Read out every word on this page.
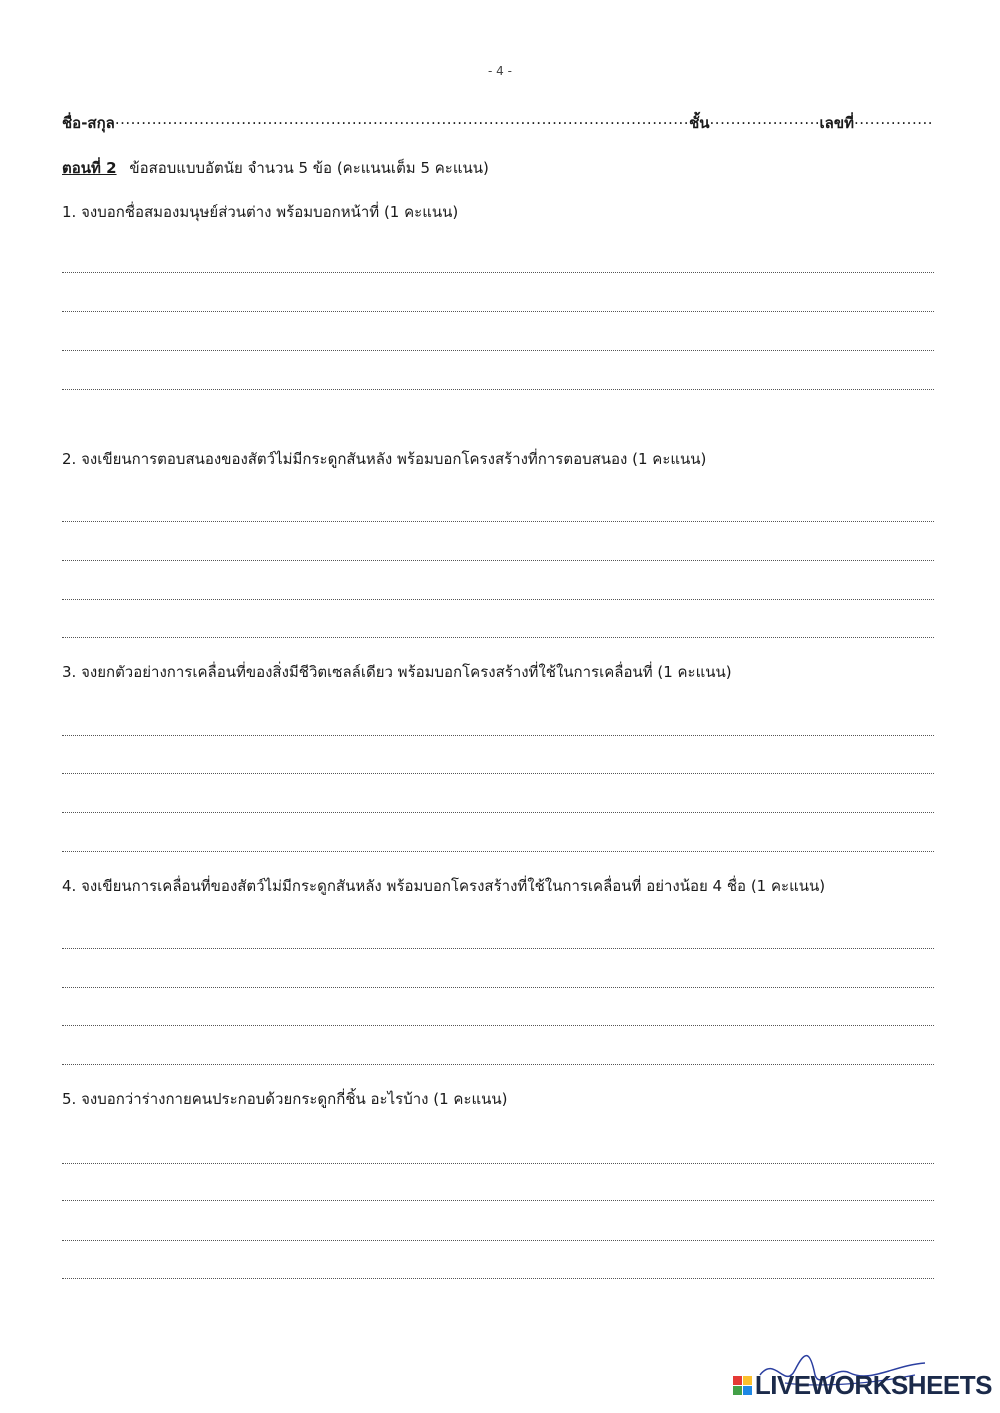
- 4 -
ชื่อ-สกุล .....	ชั้น .....	เลขที่
.....
ตอนที่ 2 ข้อสอบแบบอัตนัย จำนวน 5 ข้อ (คะแนนเต็ม 5 คะแนน)
1. จงบอกชื่อสมองมนุษย์ส่วนต่าง พร้อมบอกหน้าที่ (1 คะแนน)
2. จงเขียนการตอบสนองของสัตว์ไม่มีกระดูกสันหลัง พร้อมบอกโครงสร้างที่การตอบสนอง (1 คะแนน)
3. จงยกตัวอย่างการเคลื่อนที่ของสิ่งมีชีวิตเซลล์เดียว พร้อมบอกโครงสร้างที่ใช้ในการเคลื่อนที่ (1 คะแนน)
4. จงเขียนการเคลื่อนที่ของสัตว์ไม่มีกระดูกสันหลัง พร้อมบอกโครงสร้างที่ใช้ในการเคลื่อนที่ อย่างน้อย 4 ชื่อ (1 คะแนน)
5. จงบอกว่าร่างกายคนประกอบด้วยกระดูกกี่ชิ้น อะไรบ้าง (1 คะแนน)
LIVEWORKSHEETS
